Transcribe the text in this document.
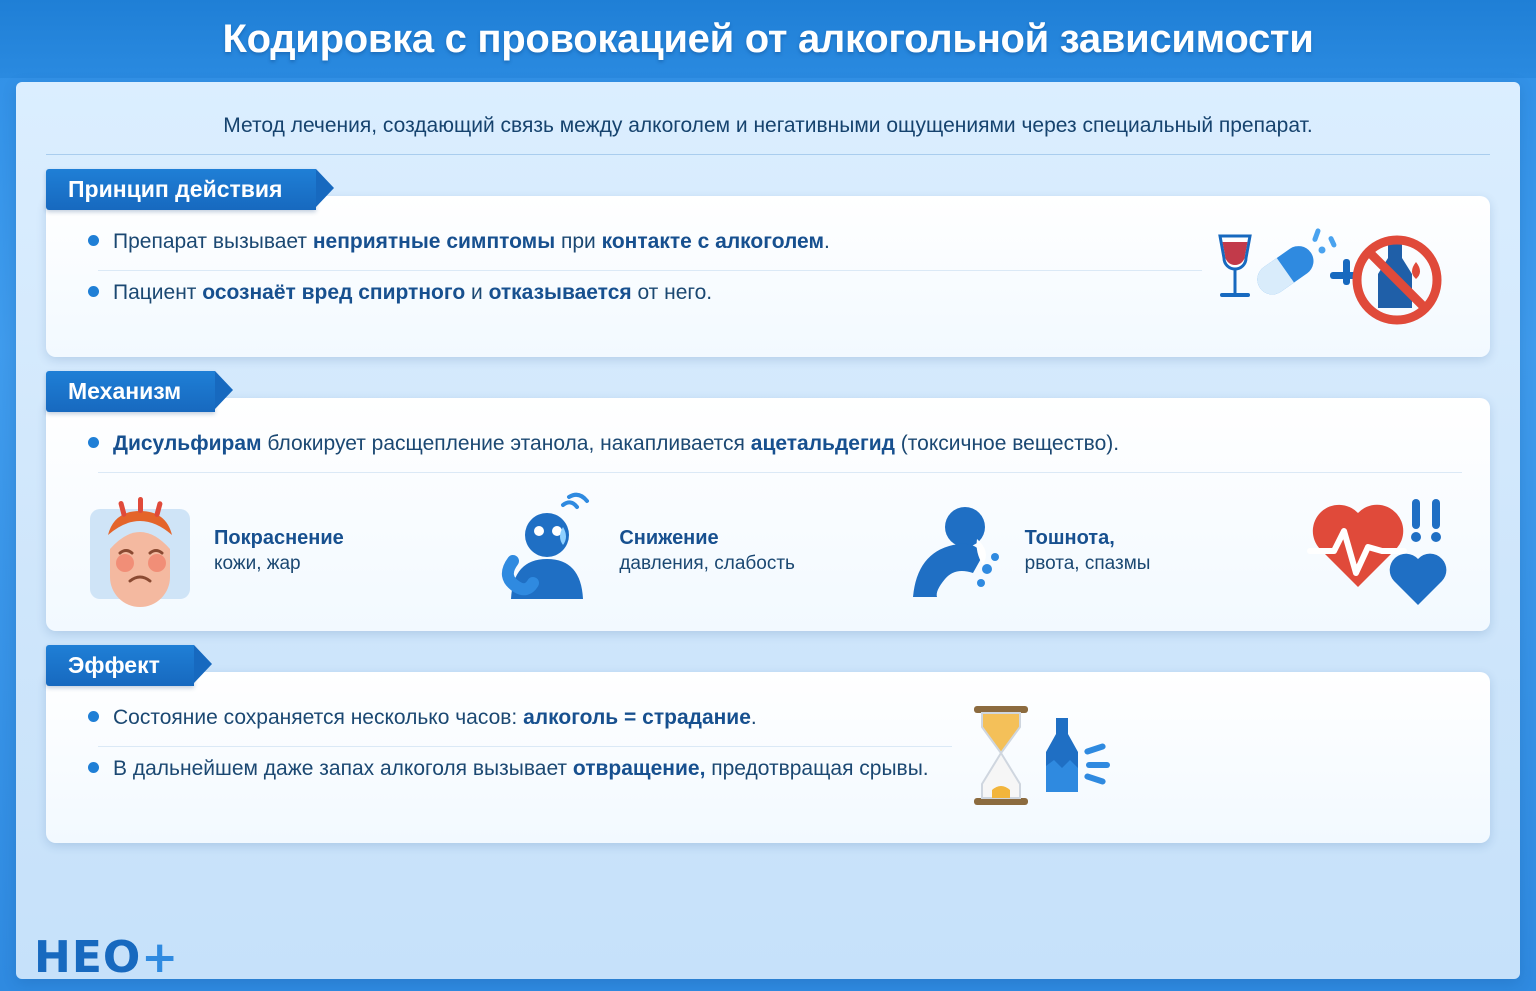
Кодировка с провокацией от алкогольной зависимости
Метод лечения, создающий связь между алкоголем и негативными ощущениями через специальный препарат.
Принцип действия
Препарат вызывает неприятные симптомы при контакте с алкоголем.
Пациент осознаёт вред спиртного и отказывается от него.
Механизм
Дисульфирам блокирует расщепление этанола, накапливается ацетальдегид (токсичное вещество).
Покраснение
кожи, жар
Снижение
давления, слабость
Тошнота,
рвота, спазмы
Эффект
Состояние сохраняется несколько часов: алкоголь = страдание.
В дальнейшем даже запах алкоголя вызывает отвращение, предотвращая срывы.
HEO+
